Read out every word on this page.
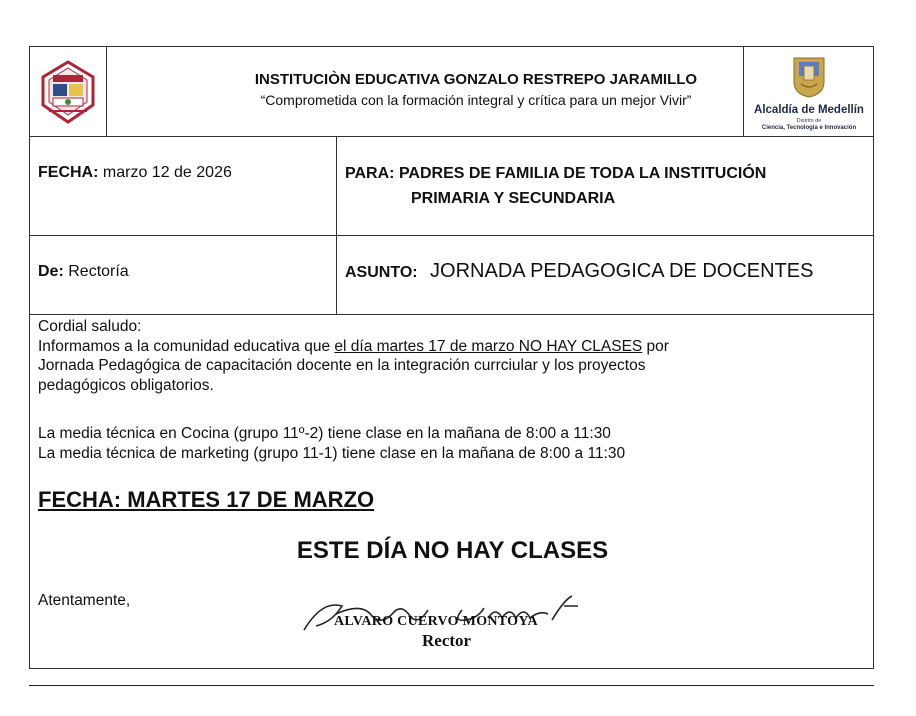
INSTITUCIÒN EDUCATIVA GONZALO RESTREPO JARAMILLO
“Comprometida con la formación integral y crítica para un mejor Vivir”
Alcaldía de Medellín
Distrito de
Ciencia, Tecnología e Innovación
FECHA: marzo 12 de 2026	PARA: PADRES DE FAMILIA DE TODA LA INSTITUCIÓN
PRIMARIA Y SECUNDARIA
De: Rectoría	ASUNTO: JORNADA PEDAGOGICA DE DOCENTES
Cordial saludo:
Informamos a la comunidad educativa que el día martes 17 de marzo NO HAY CLASES por
Jornada Pedagógica de capacitación docente en la integración currciular y los proyectos
pedagógicos obligatorios.
La media técnica en Cocina (grupo 11º-2) tiene clase en la mañana de 8:00 a 11:30
La media técnica de marketing (grupo 11-1) tiene clase en la mañana de 8:00 a 11:30
FECHA: MARTES 17 DE MARZO
ESTE DÍA NO HAY CLASES
Atentamente,
ALVARO CUERVO MONTOYA
Rector
